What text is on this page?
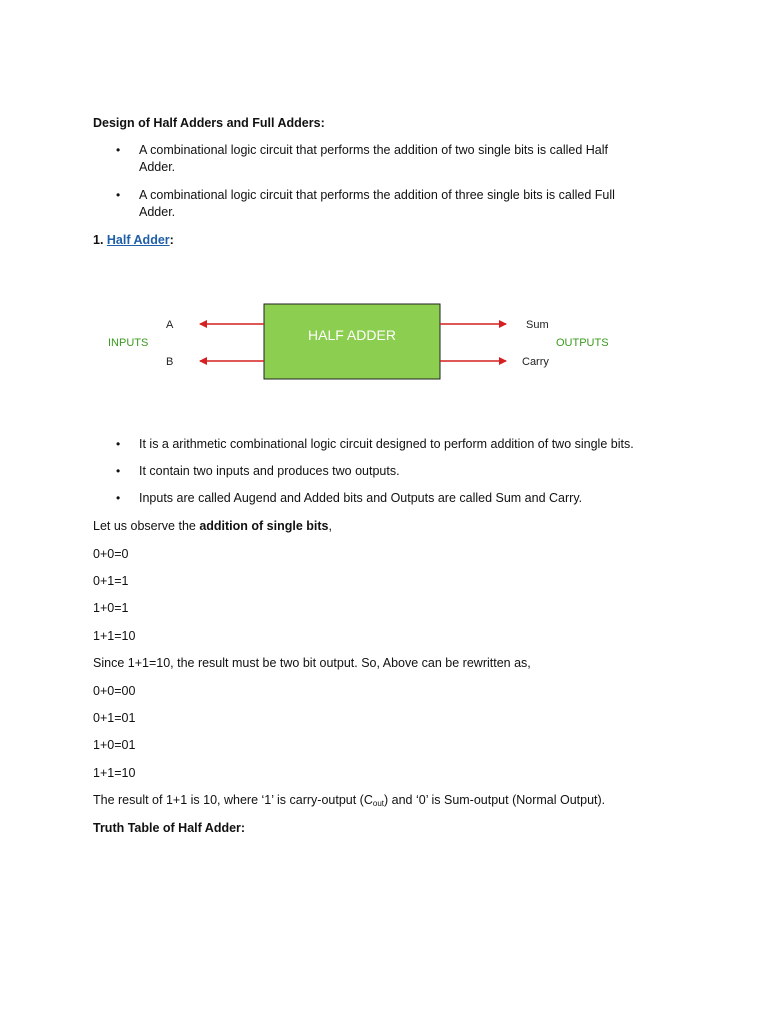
Design of Half Adders and Full Adders:
• A combinational logic circuit that performs the addition of two single bits is called Half
Adder.
• A combinational logic circuit that performs the addition of three single bits is called Full
Adder.
1. Half Adder:
HALF ADDER
A
B
INPUTS
Sum
Carry
OUTPUTS
• It is a arithmetic combinational logic circuit designed to perform addition of two single bits.
• It contain two inputs and produces two outputs.
• Inputs are called Augend and Added bits and Outputs are called Sum and Carry.
Let us observe the addition of single bits,
0+0=0
0+1=1
1+0=1
1+1=10
Since 1+1=10, the result must be two bit output. So, Above can be rewritten as,
0+0=00
0+1=01
1+0=01
1+1=10
The result of 1+1 is 10, where ‘1’ is carry-output $(C_{out})$ and ‘0’ is Sum-output (Normal Output).
Truth Table of Half Adder:
